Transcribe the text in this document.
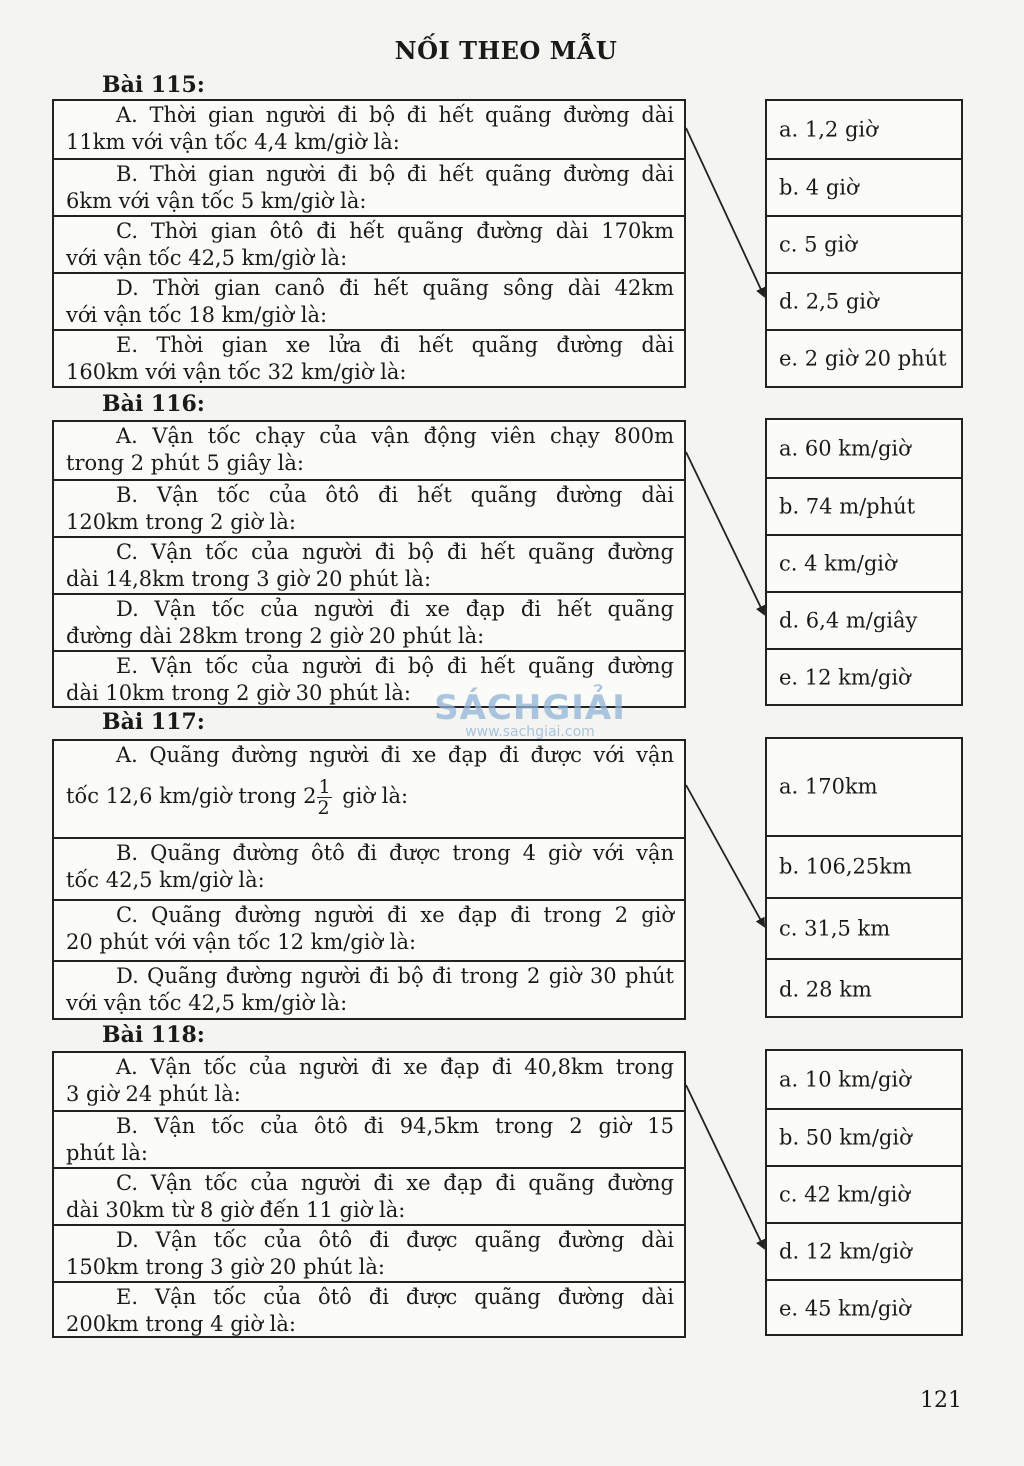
NỐI THEO MẪU
Bài 115:
A. Thời gian người đi bộ đi hết quãng đường dài
11km với vận tốc 4,4 km/giờ là:
B. Thời gian người đi bộ đi hết quãng đường dài
6km với vận tốc 5 km/giờ là:
C. Thời gian ôtô đi hết quãng đường dài 170km
với vận tốc 42,5 km/giờ là:
D. Thời gian canô đi hết quãng sông dài 42km
với vận tốc 18 km/giờ là:
E. Thời gian xe lửa đi hết quãng đường dài
160km với vận tốc 32 km/giờ là:
a. 1,2 giờ
b. 4 giờ
c. 5 giờ
d. 2,5 giờ
e. 2 giờ 20 phút
Bài 116:
A. Vận tốc chạy của vận động viên chạy 800m
trong 2 phút 5 giây là:
B. Vận tốc của ôtô đi hết quãng đường dài
120km trong 2 giờ là:
C. Vận tốc của người đi bộ đi hết quãng đường
dài 14,8km trong 3 giờ 20 phút là:
D. Vận tốc của người đi xe đạp đi hết quãng
đường dài 28km trong 2 giờ 20 phút là:
E. Vận tốc của người đi bộ đi hết quãng đường
dài 10km trong 2 giờ 30 phút là:
a. 60 km/giờ
b. 74 m/phút
c. 4 km/giờ
d. 6,4 m/giây
e. 12 km/giờ
Bài 117:
A. Quãng đường người đi xe đạp đi được với vận
tốc 12,6 km/giờ trong $2 \frac{1}{2}$ giờ là:
B. Quãng đường ôtô đi được trong 4 giờ với vận
tốc 42,5 km/giờ là:
C. Quãng đường người đi xe đạp đi trong 2 giờ
20 phút với vận tốc 12 km/giờ là:
D. Quãng đường người đi bộ đi trong 2 giờ 30 phút
với vận tốc 42,5 km/giờ là:
a. 170km
b. 106,25km
c. 31,5 km
d. 28 km
Bài 118:
A. Vận tốc của người đi xe đạp đi 40,8km trong
3 giờ 24 phút là:
B. Vận tốc của ôtô đi 94,5km trong 2 giờ 15
phút là:
C. Vận tốc của người đi xe đạp đi quãng đường
dài 30km từ 8 giờ đến 11 giờ là:
D. Vận tốc của ôtô đi được quãng đường dài
150km trong 3 giờ 20 phút là:
E. Vận tốc của ôtô đi được quãng đường dài
200km trong 4 giờ là:
a. 10 km/giờ
b. 50 km/giờ
c. 42 km/giờ
d. 12 km/giờ
e. 45 km/giờ
SÁCHGIẢI
www.sachgiai.com
121
